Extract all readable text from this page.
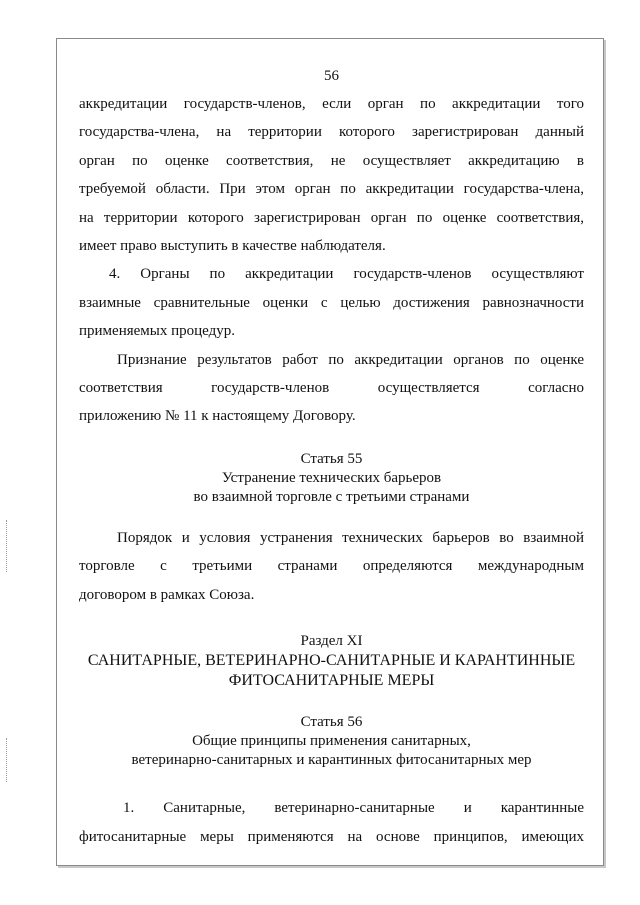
56

аккредитации государств-членов, если орган по аккредитации того
государства-члена, на территории которого зарегистрирован данный
орган по оценке соответствия, не осуществляет аккредитацию в
требуемой области. При этом орган по аккредитации государства-члена,
на территории которого зарегистрирован орган по оценке соответствия,
имеет право выступить в качестве наблюдателя.

4. Органы по аккредитации государств-членов осуществляют
взаимные сравнительные оценки с целью достижения равнозначности
применяемых процедур.

Признание результатов работ по аккредитации органов по оценке
соответствия государств-членов осуществляется согласно
приложению № 11 к настоящему Договору.

Статья 55

Устранение технических барьеров

во взаимной торговле с третьими странами

Порядок и условия устранения технических барьеров во взаимной
торговле с третьими странами определяются международным
договором в рамках Союза.

Раздел XI

САНИТАРНЫЕ, ВЕТЕРИНАРНО-САНИТАРНЫЕ И КАРАНТИННЫЕ

ФИТОСАНИТАРНЫЕ МЕРЫ

Статья 56

Общие принципы применения санитарных,

ветеринарно-санитарных и карантинных фитосанитарных мер

1. Санитарные, ветеринарно-санитарные и карантинные
фитосанитарные меры применяются на основе принципов, имеющих
